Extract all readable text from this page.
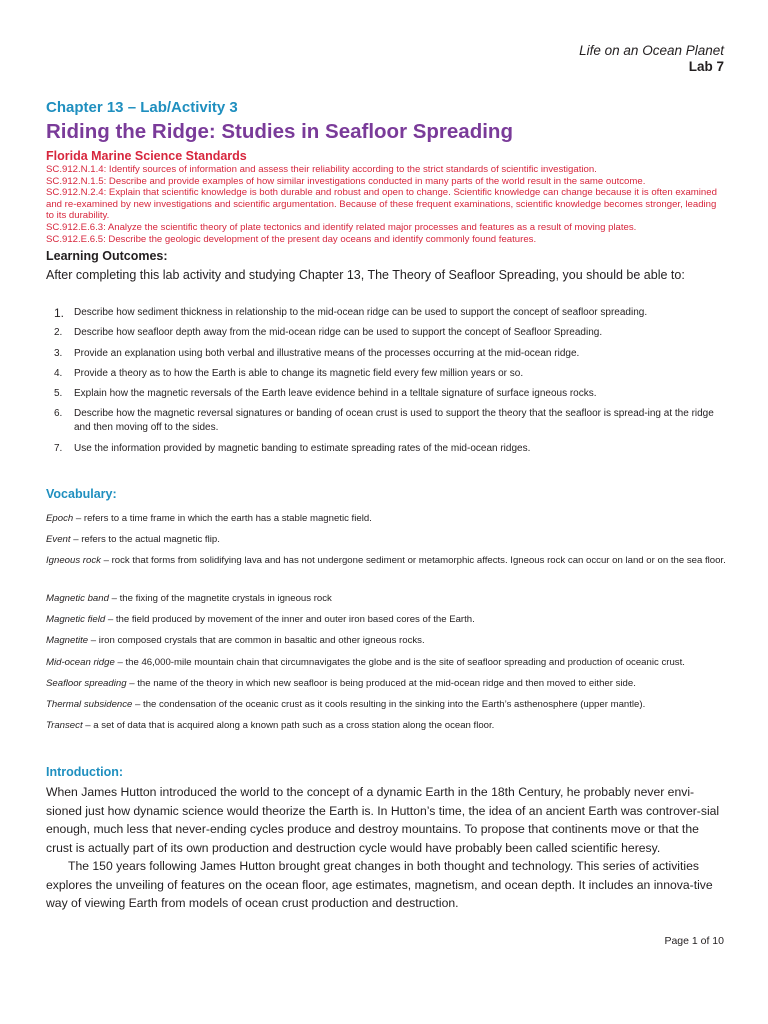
Life on an Ocean Planet
Lab 7
Chapter 13 – Lab/Activity 3
Riding the Ridge: Studies in Seafloor Spreading
Florida Marine Science Standards
SC.912.N.1.4: Identify sources of information and assess their reliability according to the strict standards of scientific investigation.
SC.912.N.1.5: Describe and provide examples of how similar investigations conducted in many parts of the world result in the same outcome.
SC.912.N.2.4: Explain that scientific knowledge is both durable and robust and open to change. Scientific knowledge can change because it is often examined and re-examined by new investigations and scientific argumentation. Because of these frequent examinations, scientific knowledge becomes stronger, leading to its durability.
SC.912.E.6.3: Analyze the scientific theory of plate tectonics and identify related major processes and features as a result of moving plates.
SC.912.E.6.5: Describe the geologic development of the present day oceans and identify commonly found features.
Learning Outcomes:
After completing this lab activity and studying Chapter 13, The Theory of Seafloor Spreading, you should be able to:
1. Describe how sediment thickness in relationship to the mid-ocean ridge can be used to support the concept of seafloor spreading.
2.	Describe how seafloor depth away from the mid-ocean ridge can be used to support the concept of Seafloor Spreading.
3.	Provide an explanation using both verbal and illustrative means of the processes occurring at the mid-ocean ridge.
4.	Provide a theory as to how the Earth is able to change its magnetic field every few million years or so.
5.	Explain how the magnetic reversals of the Earth leave evidence behind in a telltale signature of surface igneous rocks.
6.	Describe how the magnetic reversal signatures or banding of ocean crust is used to support the theory that the seafloor is spread-ing at the ridge and then moving off to the sides.
7.	Use the information provided by magnetic banding to estimate spreading rates of the mid-ocean ridges.
Vocabulary:
Epoch – refers to a time frame in which the earth has a stable magnetic field.
Event – refers to the actual magnetic flip.
Igneous rock – rock that forms from solidifying lava and has not undergone sediment or metamorphic affects. Igneous rock can occur on land or on the sea floor.
Magnetic band – the fixing of the magnetite crystals in igneous rock
Magnetic field – the field produced by movement of the inner and outer iron based cores of the Earth.
Magnetite – iron composed crystals that are common in basaltic and other igneous rocks.
Mid-ocean ridge – the 46,000-mile mountain chain that circumnavigates the globe and is the site of seafloor spreading and production of oceanic crust.
Seafloor spreading – the name of the theory in which new seafloor is being produced at the mid-ocean ridge and then moved to either side.
Thermal subsidence – the condensation of the oceanic crust as it cools resulting in the sinking into the Earth’s asthenosphere (upper mantle).
Transect – a set of data that is acquired along a known path such as a cross station along the ocean floor.
Introduction:
When James Hutton introduced the world to the concept of a dynamic Earth in the 18th Century, he probably never envi-sioned just how dynamic science would theorize the Earth is. In Hutton’s time, the idea of an ancient Earth was controver-sial enough, much less that never-ending cycles produce and destroy mountains. To propose that continents move or that the crust is actually part of its own production and destruction cycle would have probably been called scientific heresy.
The 150 years following James Hutton brought great changes in both thought and technology. This series of activities explores the unveiling of features on the ocean floor, age estimates, magnetism, and ocean depth. It includes an innova-tive way of viewing Earth from models of ocean crust production and destruction.
Page 1 of 10
